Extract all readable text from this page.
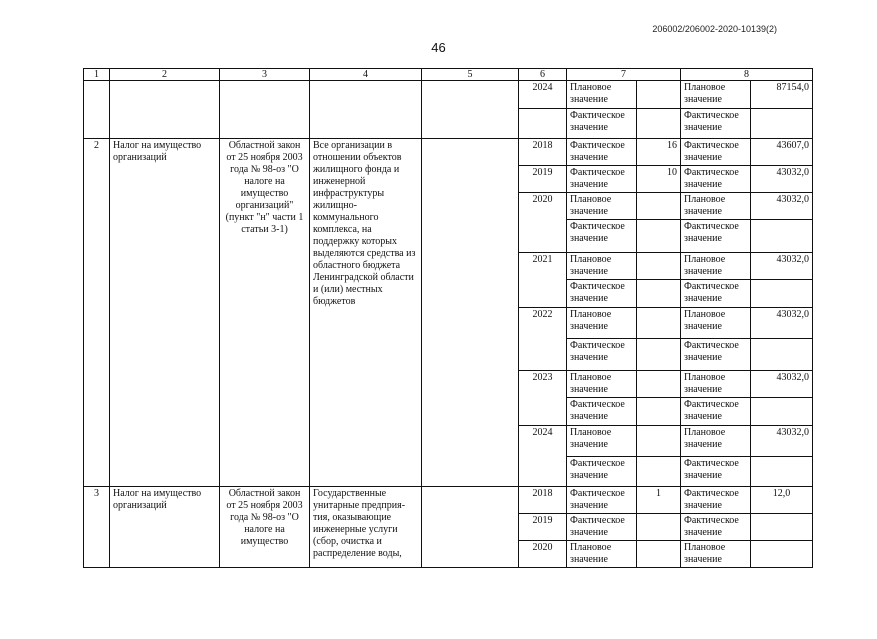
206002/206002-2020-10139(2)
46
1	2	3	4	5	6	7		8	
					2024	Плановое значение		Плановое значение	87154,0
						Фактическое значение		Фактическое значение	
2	Налог на имущество организаций	Областной закон от 25 ноября 2003 года № 98-оз "О налоге на имущество организаций" (пункт "н" части 1 статьи 3-1)	Все организации в отношении объектов жилищного фонда и инженерной инфраструктуры жилищно-коммунального комплекса, на поддержку которых выделяются средства из областного бюджета Ленинградской области и (или) местных бюджетов		2018	Фактическое значение	16	Фактическое значение	43607,0
					2019	Фактическое значение	10	Фактическое значение	43032,0
					2020	Плановое значение		Плановое значение	43032,0
						Фактическое значение		Фактическое значение	
					2021	Плановое значение		Плановое значение	43032,0
						Фактическое значение		Фактическое значение	
					2022	Плановое значение		Плановое значение	43032,0
						Фактическое значение		Фактическое значение	
					2023	Плановое значение		Плановое значение	43032,0
						Фактическое значение		Фактическое значение	
					2024	Плановое значение		Плановое значение	43032,0
						Фактическое значение		Фактическое значение	
3	Налог на имущество организаций	Областной закон от 25 ноября 2003 года № 98-оз "О налоге на имущество	Государственные унитарные предприя-тия, оказывающие инженерные услуги (сбор, очистка и распределение воды,		2018	Фактическое значение	1	Фактическое значение	12,0
					2019	Фактическое значение		Фактическое значение	
					2020	Плановое значение		Плановое значение	
